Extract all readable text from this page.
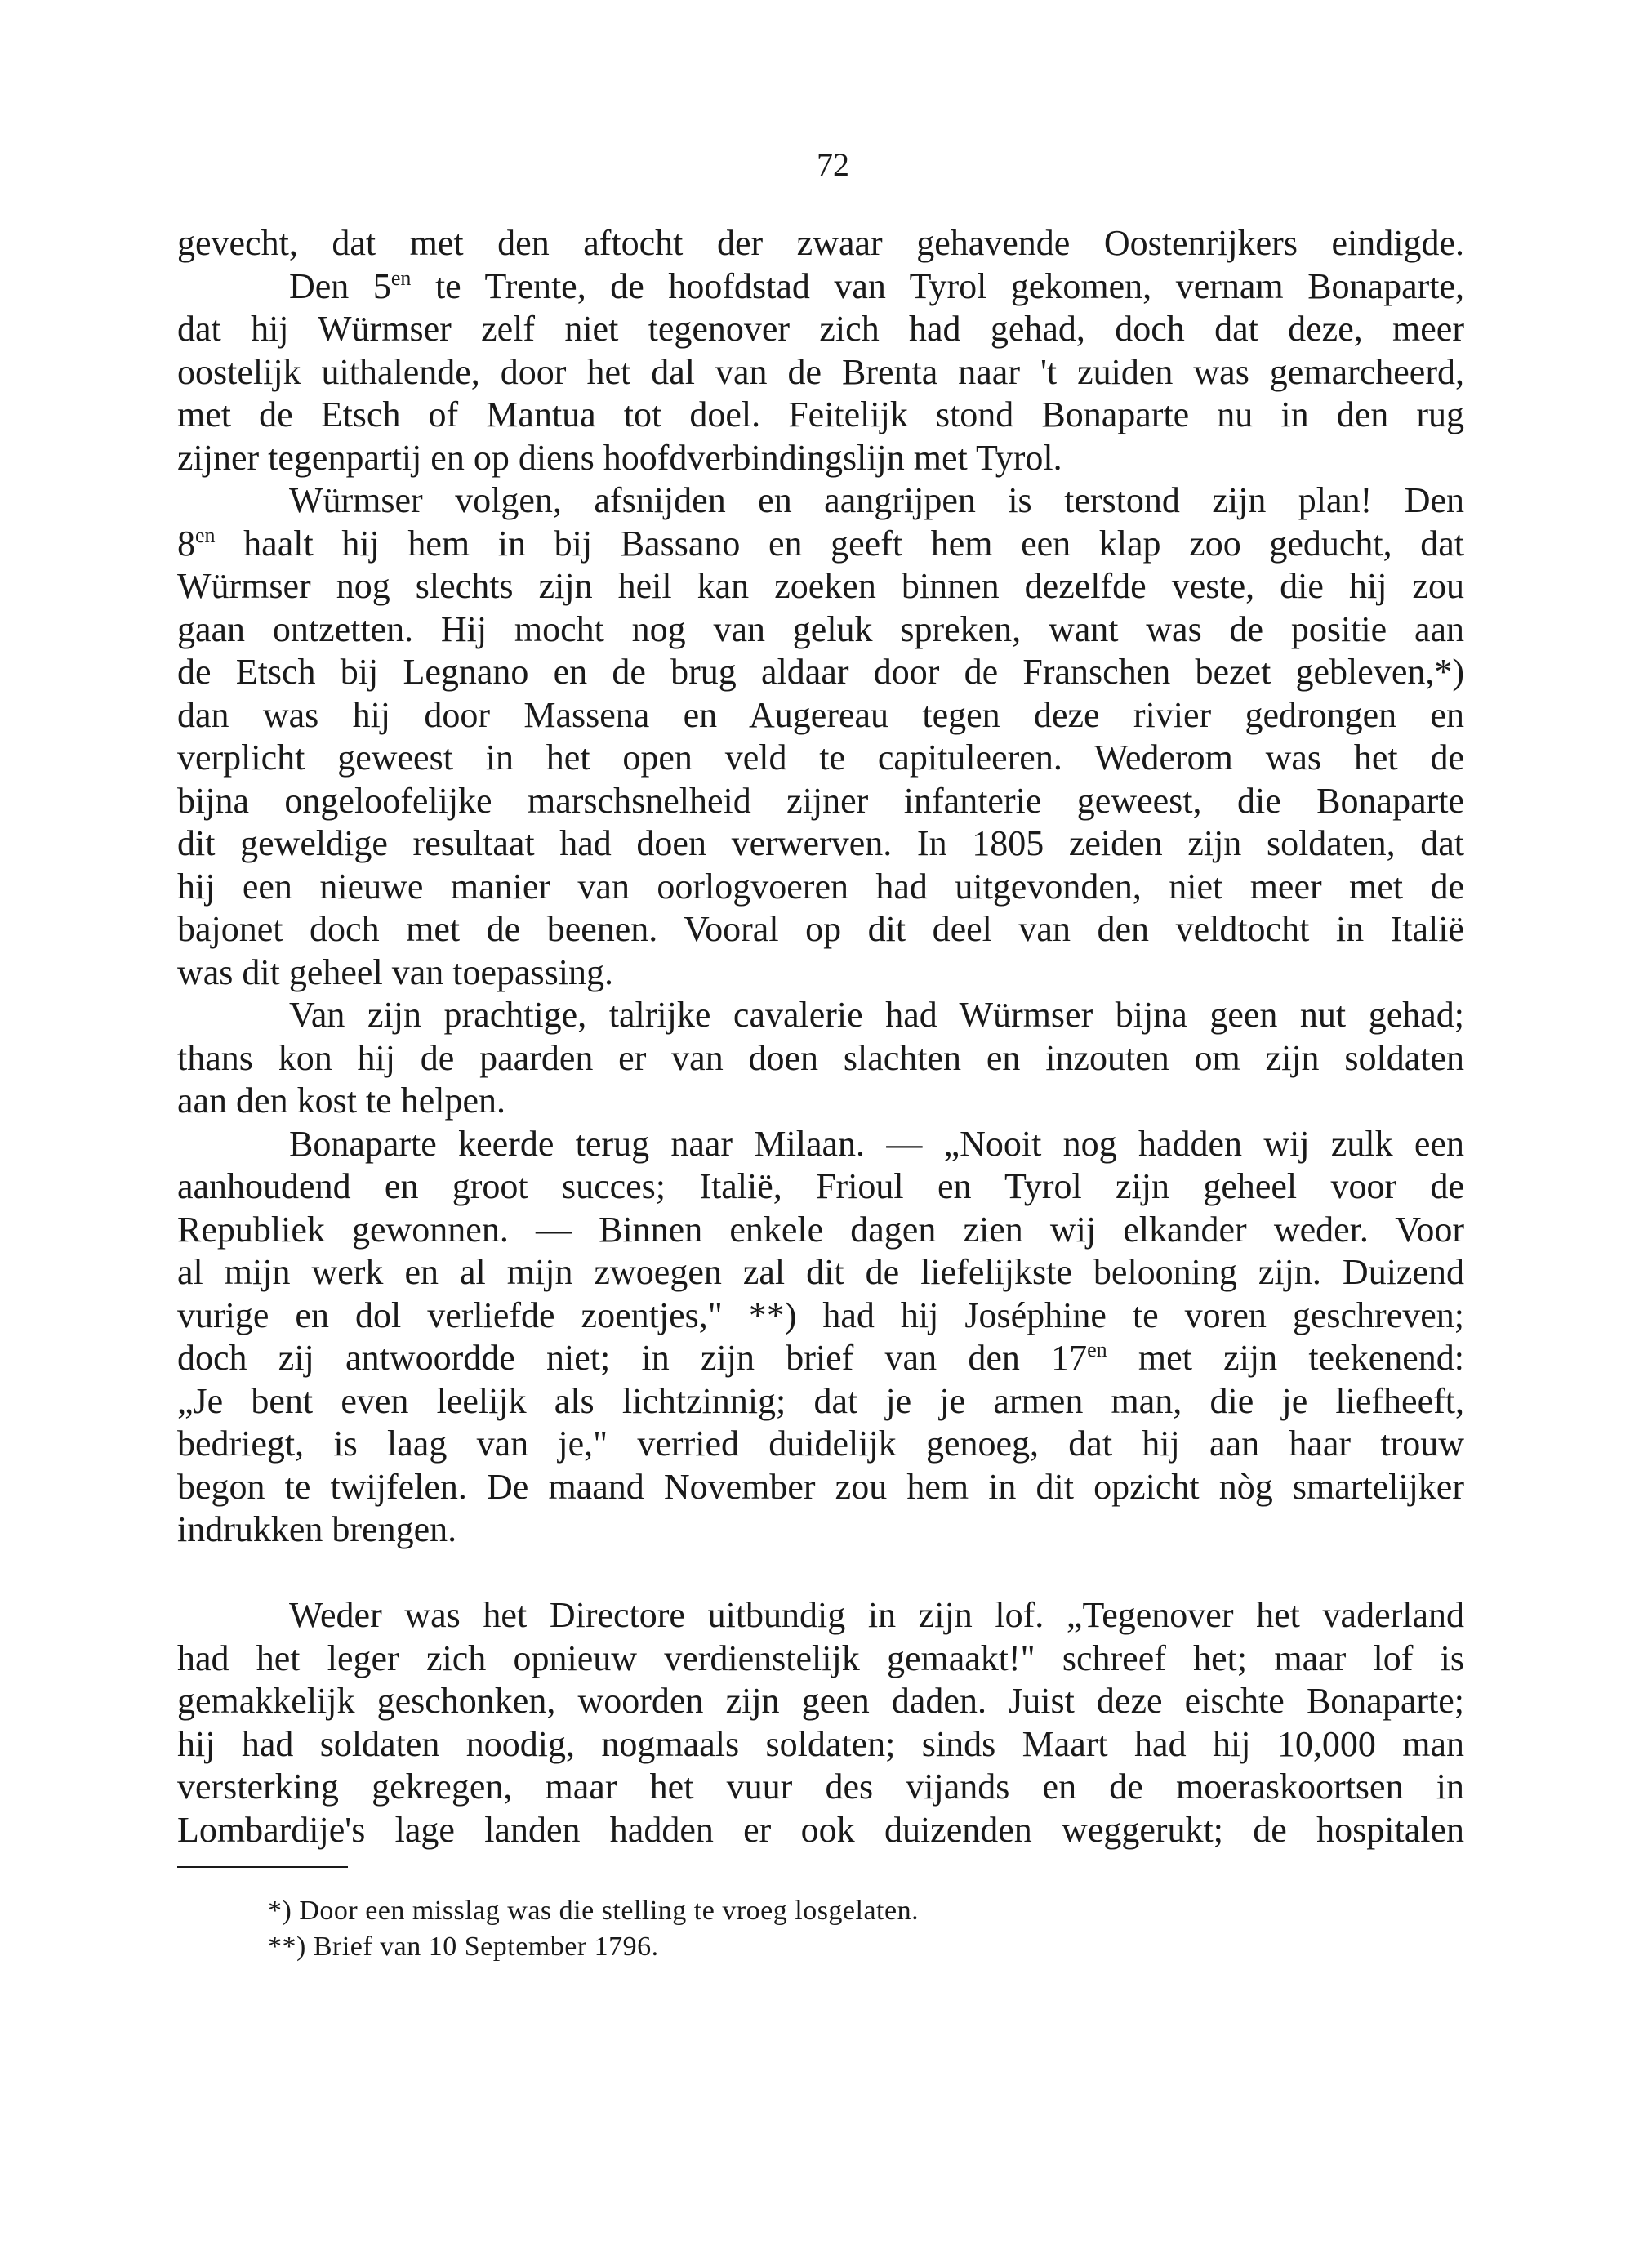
72
gevecht, dat met den aftocht der zwaar gehavende Oostenrijkers eindigde.
Den $5^{en}$ te Trente, de hoofdstad van Tyrol gekomen, vernam Bonaparte,
dat hij Würmser zelf niet tegenover zich had gehad, doch dat deze, meer
oostelijk uithalende, door het dal van de Brenta naar 't zuiden was gemarcheerd,
met de Etsch of Mantua tot doel. Feitelijk stond Bonaparte nu in den rug
zijner tegenpartij en op diens hoofdverbindingslijn met Tyrol.
Würmser volgen, afsnijden en aangrijpen is terstond zijn plan! Den
$8^{en}$ haalt hij hem in bij Bassano en geeft hem een klap zoo geducht, dat
Würmser nog slechts zijn heil kan zoeken binnen dezelfde veste, die hij zou
gaan ontzetten. Hij mocht nog van geluk spreken, want was de positie aan
de Etsch bij Legnano en de brug aldaar door de Franschen bezet gebleven,*)
dan was hij door Massena en Augereau tegen deze rivier gedrongen en
verplicht geweest in het open veld te capituleeren. Wederom was het de
bijna ongeloofelijke marschsnelheid zijner infanterie geweest, die Bonaparte
dit geweldige resultaat had doen verwerven. In 1805 zeiden zijn soldaten, dat
hij een nieuwe manier van oorlogvoeren had uitgevonden, niet meer met de
bajonet doch met de beenen. Vooral op dit deel van den veldtocht in Italië
was dit geheel van toepassing.
Van zijn prachtige, talrijke cavalerie had Würmser bijna geen nut gehad;
thans kon hij de paarden er van doen slachten en inzouten om zijn soldaten
aan den kost te helpen.
Bonaparte keerde terug naar Milaan. — „Nooit nog hadden wij zulk een
aanhoudend en groot succes; Italië, Frioul en Tyrol zijn geheel voor de
Republiek gewonnen. — Binnen enkele dagen zien wij elkander weder. Voor
al mijn werk en al mijn zwoegen zal dit de liefelijkste belooning zijn. Duizend
vurige en dol verliefde zoentjes," **) had hij Joséphine te voren geschreven;
doch zij antwoordde niet; in zijn brief van den $17^{en}$ met zijn teekenend:
„Je bent even leelijk als lichtzinnig; dat je je armen man, die je liefheeft,
bedriegt, is laag van je," verried duidelijk genoeg, dat hij aan haar trouw
begon te twijfelen. De maand November zou hem in dit opzicht nòg smartelijker
indrukken brengen.
Weder was het Directore uitbundig in zijn lof. „Tegenover het vaderland
had het leger zich opnieuw verdienstelijk gemaakt!" schreef het; maar lof is
gemakkelijk geschonken, woorden zijn geen daden. Juist deze eischte Bonaparte;
hij had soldaten noodig, nogmaals soldaten; sinds Maart had hij 10,000 man
versterking gekregen, maar het vuur des vijands en de moeraskoortsen in
Lombardije's lage landen hadden er ook duizenden weggerukt; de hospitalen
*) Door een misslag was die stelling te vroeg losgelaten.
**) Brief van 10 September 1796.
